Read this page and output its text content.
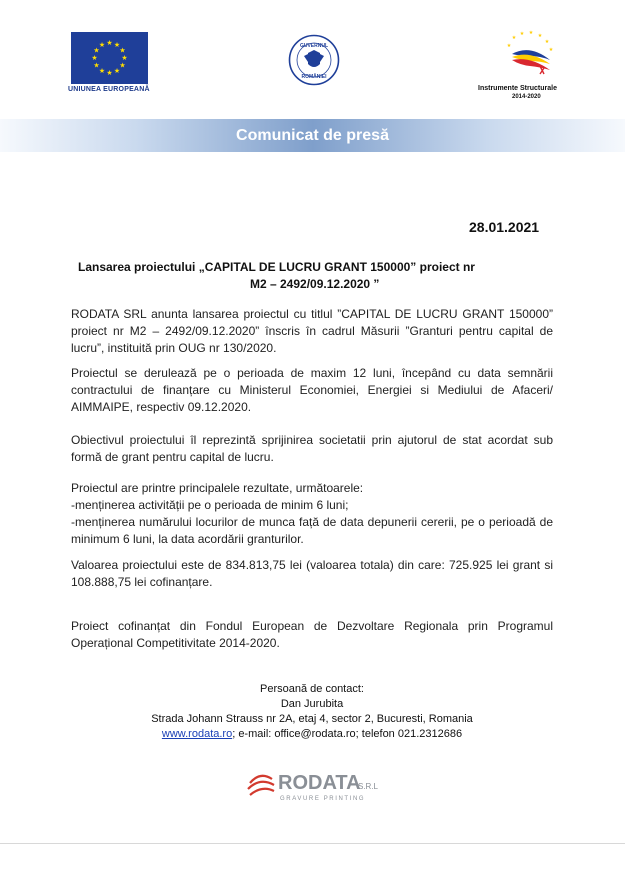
★ ★
★
★
★
★
★
★
★
★
★
★
UNIUNEA EUROPEANĂ
GUVERNUL
ROMÂNIEI
★
★ ★ ★
★
★
★
Instrumente Structurale
2014-2020
Comunicat de presă
28.01.2021
Lansarea proiectului „CAPITAL DE LUCRU GRANT 150000” proiect nr
M2 – 2492/09.12.2020 ”
RODATA SRL anunta lansarea proiectul cu titlul ”CAPITAL DE LUCRU GRANT 150000” proiect nr M2 – 2492/09.12.2020” înscris în cadrul Măsurii ”Granturi pentru capital de lucru”, instituită prin OUG nr 130/2020.
Proiectul se derulează pe o perioada de maxim 12 luni, începând cu data semnării contractului de finanțare cu Ministerul Economiei, Energiei si Mediului de Afaceri/ AIMMAIPE, respectiv 09.12.2020.
Obiectivul proiectului îl reprezintă sprijinirea societatii prin ajutorul de stat acordat sub formă de grant pentru capital de lucru.
Proiectul are printre principalele rezultate, următoarele:
-menținerea activității pe o perioada de minim 6 luni;
-menținerea numărului locurilor de munca față de data depunerii cererii, pe o perioadă de minimum 6 luni, la data acordării granturilor.
Valoarea proiectului este de 834.813,75 lei (valoarea totala) din care: 725.925 lei grant si 108.888,75 lei cofinanțare.
Proiect cofinanțat din Fondul European de Dezvoltare Regionala prin Programul Operațional Competitivitate 2014-2020.
Persoană de contact:
Dan Jurubita
Strada Johann Strauss nr 2A, etaj 4, sector 2, Bucuresti, Romania
www.rodata.ro; e-mail: office@rodata.ro; telefon 021.2312686
RODATA
S.R.L
GRAVURE PRINTING
